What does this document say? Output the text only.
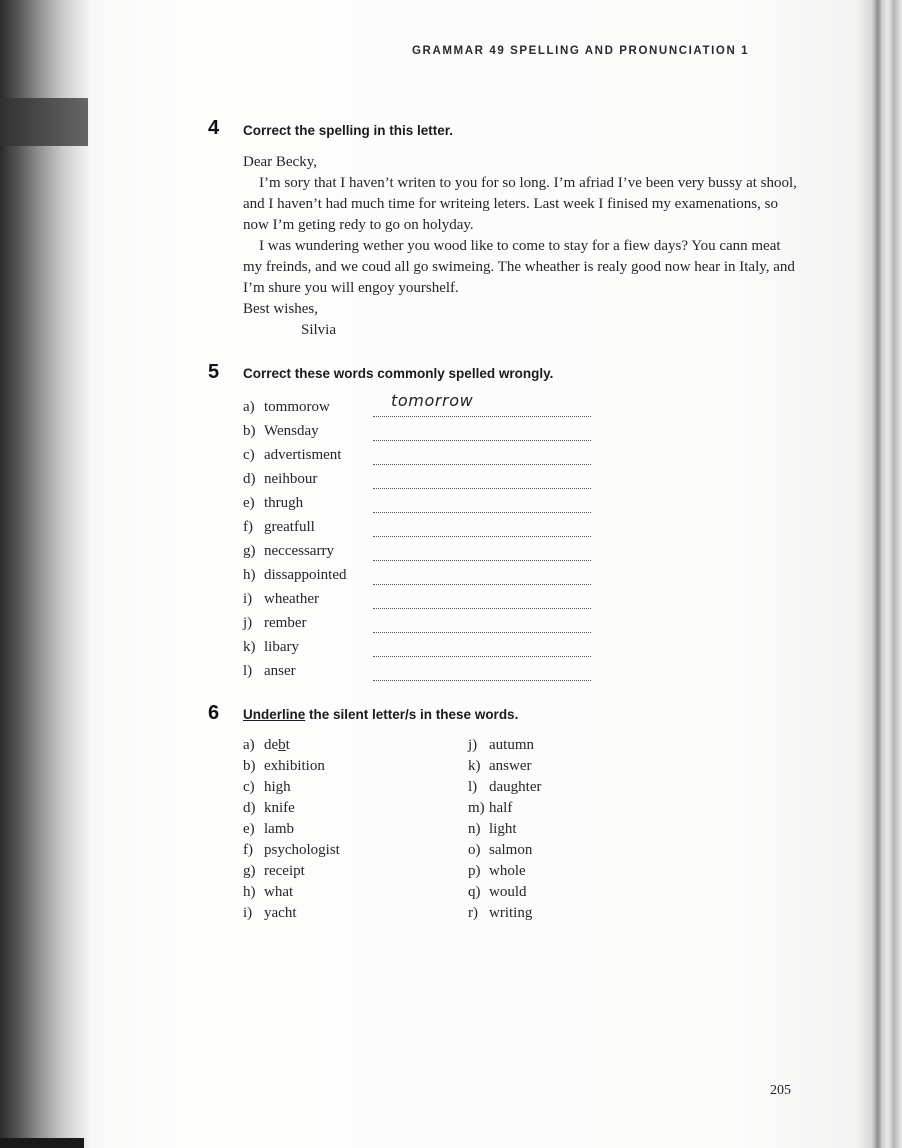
GRAMMAR 49 SPELLING AND PRONUNCIATION 1
4	Correct the spelling in this letter.

Dear Becky,

I’m sory that I haven’t writen to you for so long. I’m afriad I’ve been very bussy at shool, and I haven’t had much time for writeing leters. Last week I finised my examenations, so now I’m geting redy to go on holyday.

I was wundering wether you wood like to come to stay for a fiew days? You cann meat my freinds, and we coud all go swimeing. The wheather is realy good now hear in Italy, and I’m shure you will engoy yourshelf.

Best wishes,

Silvia

5	Correct these words commonly spelled wrongly.
a) tommorow	tomorrow
b) Wensday
c) advertisment
d) neihbour
e) thrugh
f) greatfull
g) neccessarry
h) dissappointed
i) wheather
j) rember
k) libary
l) anser
6	Underline the silent letter/s in these words.
a) debt
b) exhibition
c) high
d) knife
e) lamb
f) psychologist
g) receipt
h) what
i) yacht
j) autumn
k) answer
l) daughter
m) half
n) light
o) salmon
p) whole
q) would
r) writing
205
